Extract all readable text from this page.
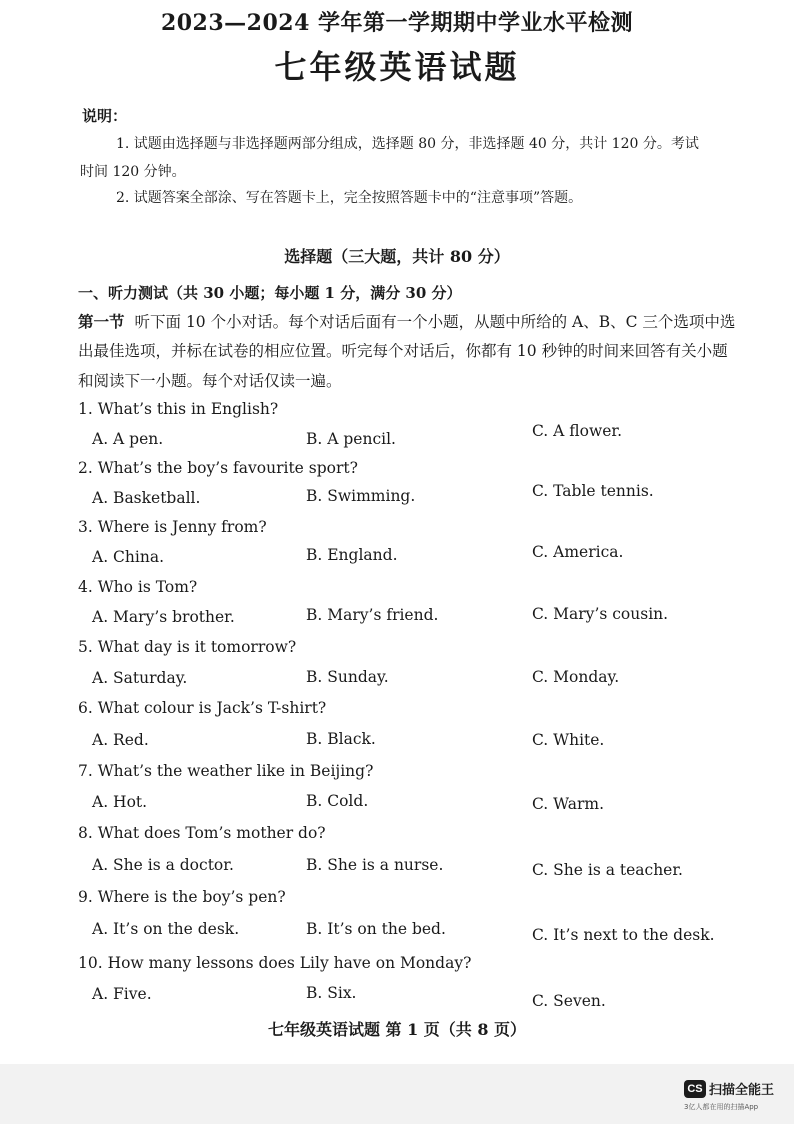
2023—2024 学年第一学期期中学业水平检测
七年级英语试题
说明：
1. 试题由选择题与非选择题两部分组成，选择题 80 分，非选择题 40 分，共计 120 分。考试
时间 120 分钟。
2. 试题答案全部涂、写在答题卡上，完全按照答题卡中的“注意事项”答题。
选择题（三大题，共计 80 分）
一、听力测试（共 30 小题；每小题 1 分，满分 30 分）
第一节 听下面 10 个小对话。每个对话后面有一个小题，从题中所给的 A、B、C 三个选项中选
出最佳选项，并标在试卷的相应位置。听完每个对话后，你都有 10 秒钟的时间来回答有关小题
和阅读下一小题。每个对话仅读一遍。
1. What’s this in English?
A. A pen.	B. A pencil.	C. A flower.
2. What’s the boy’s favourite sport?
A. Basketball.	B. Swimming.	C. Table tennis.
3. Where is Jenny from?
A. China.	B. England.	C. America.
4. Who is Tom?
A. Mary’s brother.	B. Mary’s friend.	C. Mary’s cousin.
5. What day is it tomorrow?
A. Saturday.	B. Sunday.	C. Monday.
6. What colour is Jack’s T-shirt?
A. Red.	B. Black.	C. White.
7. What’s the weather like in Beijing?
A. Hot.	B. Cold.	C. Warm.
8. What does Tom’s mother do?
A. She is a doctor.	B. She is a nurse.	C. She is a teacher.
9. Where is the boy’s pen?
A. It’s on the desk.	B. It’s on the bed.	C. It’s next to the desk.
10. How many lessons does Lily have on Monday?
A. Five.	B. Six.	C. Seven.
七年级英语试题 第 1 页（共 8 页）
CS 扫描全能王
3亿人都在用的扫描App
